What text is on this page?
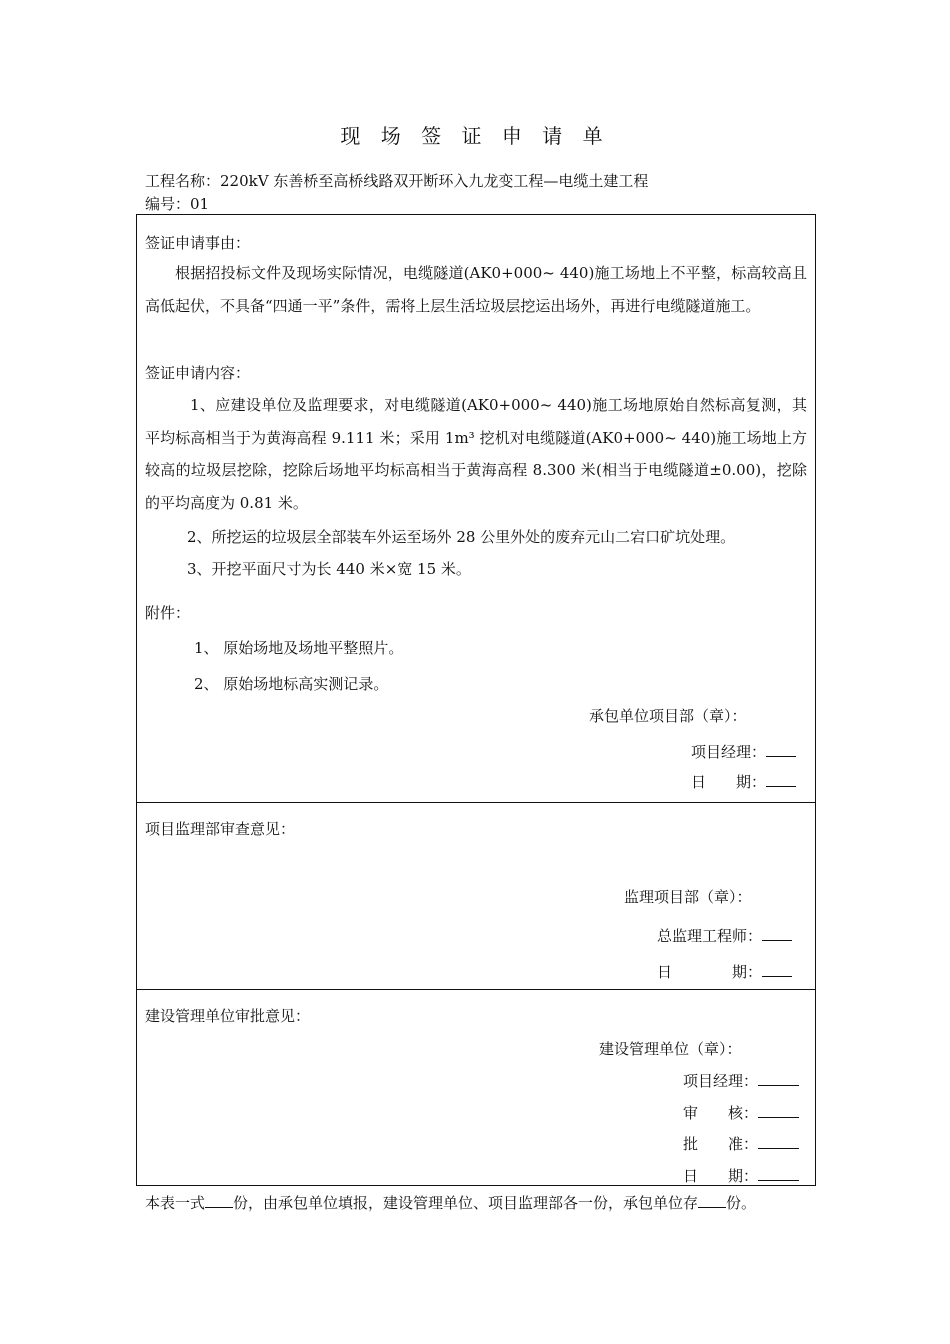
现 场 签 证 申 请 单
工程名称：220kV 东善桥至高桥线路双开断环入九龙变工程—电缆土建工程
编号：01
签证申请事由：
根据招投标文件及现场实际情况，电缆隧道(AK0+000~ 440)施工场地上不平整，标高较高且高低起伏，不具备“四通一平”条件，需将上层生活垃圾层挖运出场外，再进行电缆隧道施工。
签证申请内容：
1、应建设单位及监理要求，对电缆隧道(AK0+000~ 440)施工场地原始自然标高复测，其平均标高相当于为黄海高程 9.111 米；采用 1m³ 挖机对电缆隧道(AK0+000~ 440)施工场地上方较高的垃圾层挖除，挖除后场地平均标高相当于黄海高程 8.300 米(相当于电缆隧道±0.00)，挖除的平均高度为 0.81 米。
2、所挖运的垃圾层全部装车外运至场外 28 公里外处的废弃元山二宕口矿坑处理。
3、开挖平面尺寸为长 440 米×宽 15 米。
附件：
1、 原始场地及场地平整照片。
2、 原始场地标高实测记录。
承包单位项目部（章）：
项目经理：
日　　期：
项目监理部审查意见：
监理项目部（章）：
总监理工程师：
日　　　　期：
建设管理单位审批意见：
建设管理单位（章）：
项目经理：
审　　核：
批　　准：
日　　期：
本表一式 份，由承包单位填报，建设管理单位、项目监理部各一份，承包单位存 份。
